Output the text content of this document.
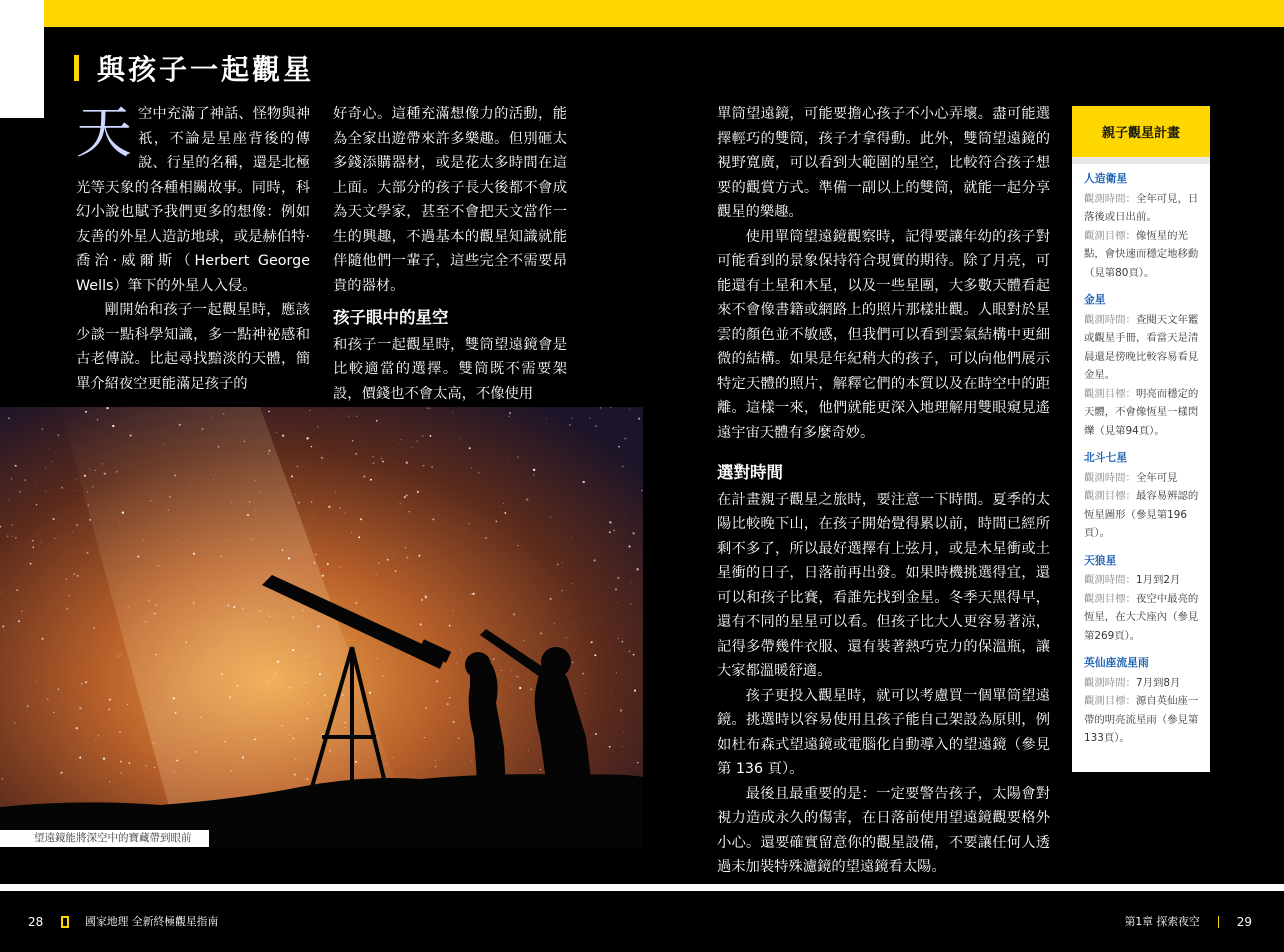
與孩子一起觀星
天 空中充滿了神話、怪物與神祇，不論是星座背後的傳說、行星的名稱，還是北極光等天象的各種相關故事。同時，科幻小說也賦予我們更多的想像：例如友善的外星人造訪地球，或是赫伯特·喬治·威爾斯（Herbert George Wells）筆下的外星人入侵。

剛開始和孩子一起觀星時，應該少談一點科學知識，多一點神祕感和古老傳說。比起尋找黯淡的天體，簡單介紹夜空更能滿足孩子的

好奇心。這種充滿想像力的活動，能為全家出遊帶來許多樂趣。但別砸太多錢添購器材，或是花太多時間在這上面。大部分的孩子長大後都不會成為天文學家，甚至不會把天文當作一生的興趣，不過基本的觀星知識就能伴隨他們一輩子，這些完全不需要昂貴的器材。

孩子眼中的星空

和孩子一起觀星時，雙筒望遠鏡會是比較適當的選擇。雙筒既不需要架設，價錢也不會太高，不像使用

望遠鏡能將深空中的寶藏帶到眼前

單筒望遠鏡，可能要擔心孩子不小心弄壞。盡可能選擇輕巧的雙筒，孩子才拿得動。此外，雙筒望遠鏡的視野寬廣，可以看到大範圍的星空，比較符合孩子想要的觀賞方式。準備一副以上的雙筒，就能一起分享觀星的樂趣。

使用單筒望遠鏡觀察時，記得要讓年幼的孩子對可能看到的景象保持符合現實的期待。除了月亮，可能還有土星和木星，以及一些星團，大多數天體看起來不會像書籍或網路上的照片那樣壯觀。人眼對於星雲的顏色並不敏感，但我們可以看到雲氣結構中更細微的結構。如果是年紀稍大的孩子，可以向他們展示特定天體的照片，解釋它們的本質以及在時空中的距離。這樣一來，他們就能更深入地理解用雙眼窺見遙遠宇宙天體有多麼奇妙。

選對時間

在計畫親子觀星之旅時，要注意一下時間。夏季的太陽比較晚下山，在孩子開始覺得累以前，時間已經所剩不多了，所以最好選擇有上弦月，或是木星衝或土星衝的日子，日落前再出發。如果時機挑選得宜，還可以和孩子比賽，看誰先找到金星。冬季天黑得早，還有不同的星星可以看。但孩子比大人更容易著涼，記得多帶幾件衣服、還有裝著熱巧克力的保溫瓶，讓大家都溫暖舒適。

孩子更投入觀星時，就可以考慮買一個單筒望遠鏡。挑選時以容易使用且孩子能自己架設為原則，例如杜布森式望遠鏡或電腦化自動導入的望遠鏡（參見第 136 頁）。

最後且最重要的是：一定要警告孩子，太陽會對視力造成永久的傷害，在日落前使用望遠鏡觀要格外小心。還要確實留意你的觀星設備，不要讓任何人透過未加裝特殊濾鏡的望遠鏡看太陽。

親子觀星計畫
人造衛星
觀測時間：全年可見，日落後或日出前。
觀測目標：像恆星的光點，會快速而穩定地移動（見第80頁）。
金星
觀測時間：查閱天文年鑑或觀星手冊，看當天是清晨還是傍晚比較容易看見金星。
觀測目標：明亮而穩定的天體，不會像恆星一樣閃爍（見第94頁）。
北斗七星
觀測時間：全年可見
觀測目標：最容易辨認的恆星圖形（參見第196頁）。
天狼星
觀測時間：1月到2月
觀測目標：夜空中最亮的恆星，在大犬座內（參見第269頁）。
英仙座流星雨
觀測時間：7月到8月
觀測目標：源自英仙座一帶的明亮流星雨（參見第133頁）。
28	國家地理 全新終極觀星指南	第1章 探索夜空	29
